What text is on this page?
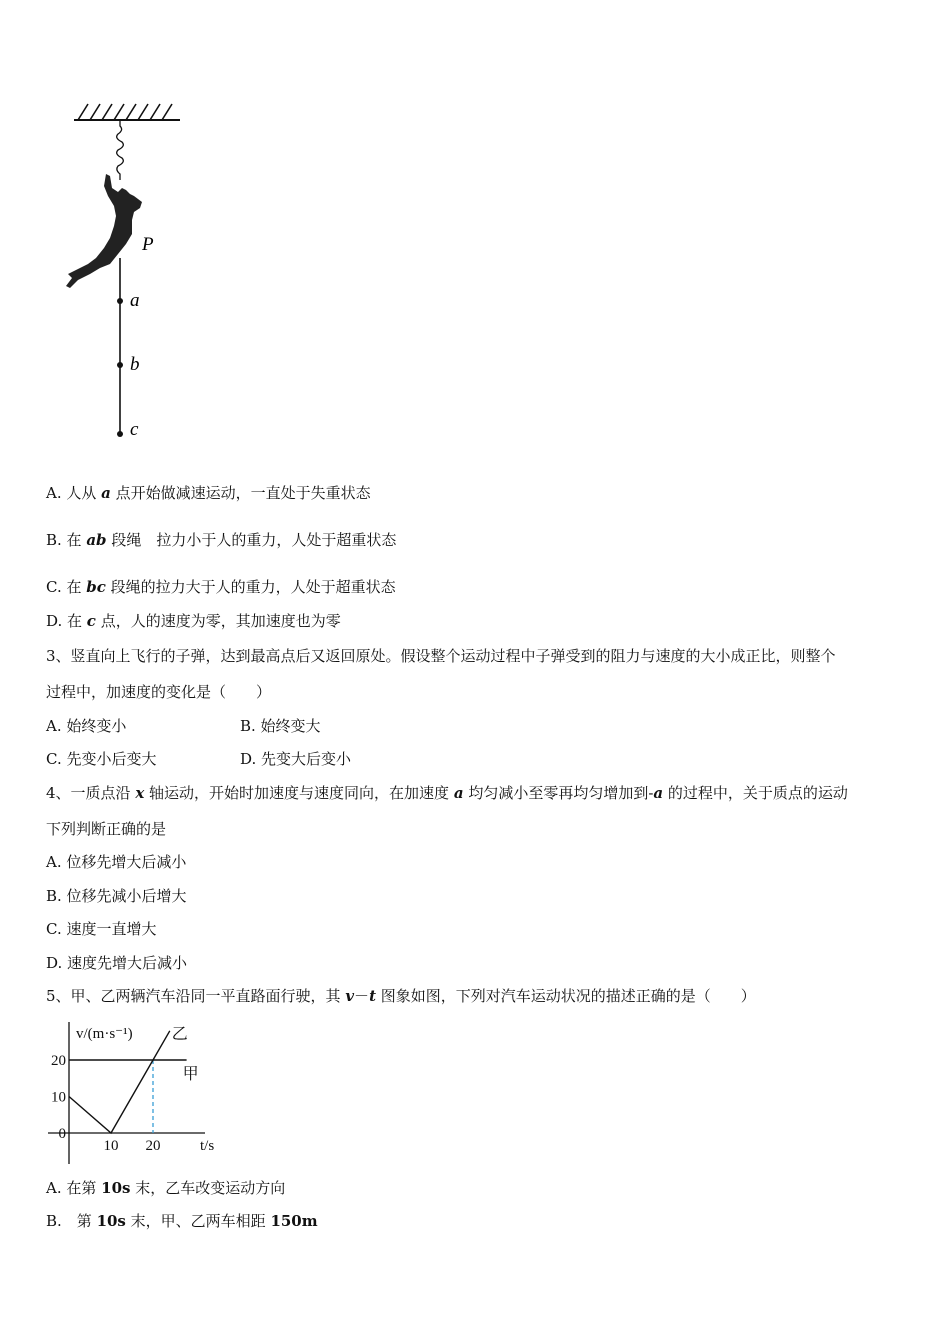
P
a
b
c
A. 人从 a 点开始做减速运动，一直处于失重状态
B. 在 ab 段绳　拉力小于人的重力，人处于超重状态
C. 在 bc 段绳的拉力大于人的重力，人处于超重状态
D. 在 c 点，人的速度为零，其加速度也为零
3、竖直向上飞行的子弹，达到最高点后又返回原处。假设整个运动过程中子弹受到的阻力与速度的大小成正比，则整个
过程中，加速度的变化是（　　）
A. 始终变小	B. 始终变大
C. 先变小后变大	D. 先变大后变小
4、一质点沿 x 轴运动，开始时加速度与速度同向，在加速度 a 均匀减小至零再均匀增加到-a 的过程中，关于质点的运动
下列判断正确的是
A. 位移先增大后减小
B. 位移先减小后增大
C. 速度一直增大
D. 速度先增大后减小
5、甲、乙两辆汽车沿同一平直路面行驶，其 v－t 图象如图，下列对汽车运动状况的描述正确的是（　　）
v/(m·s⁻¹)
t/s
20
10
0
10 20
甲
乙
A. 在第 10s 末，乙车改变运动方向
B.　第 10s 末，甲、乙两车相距 150m
